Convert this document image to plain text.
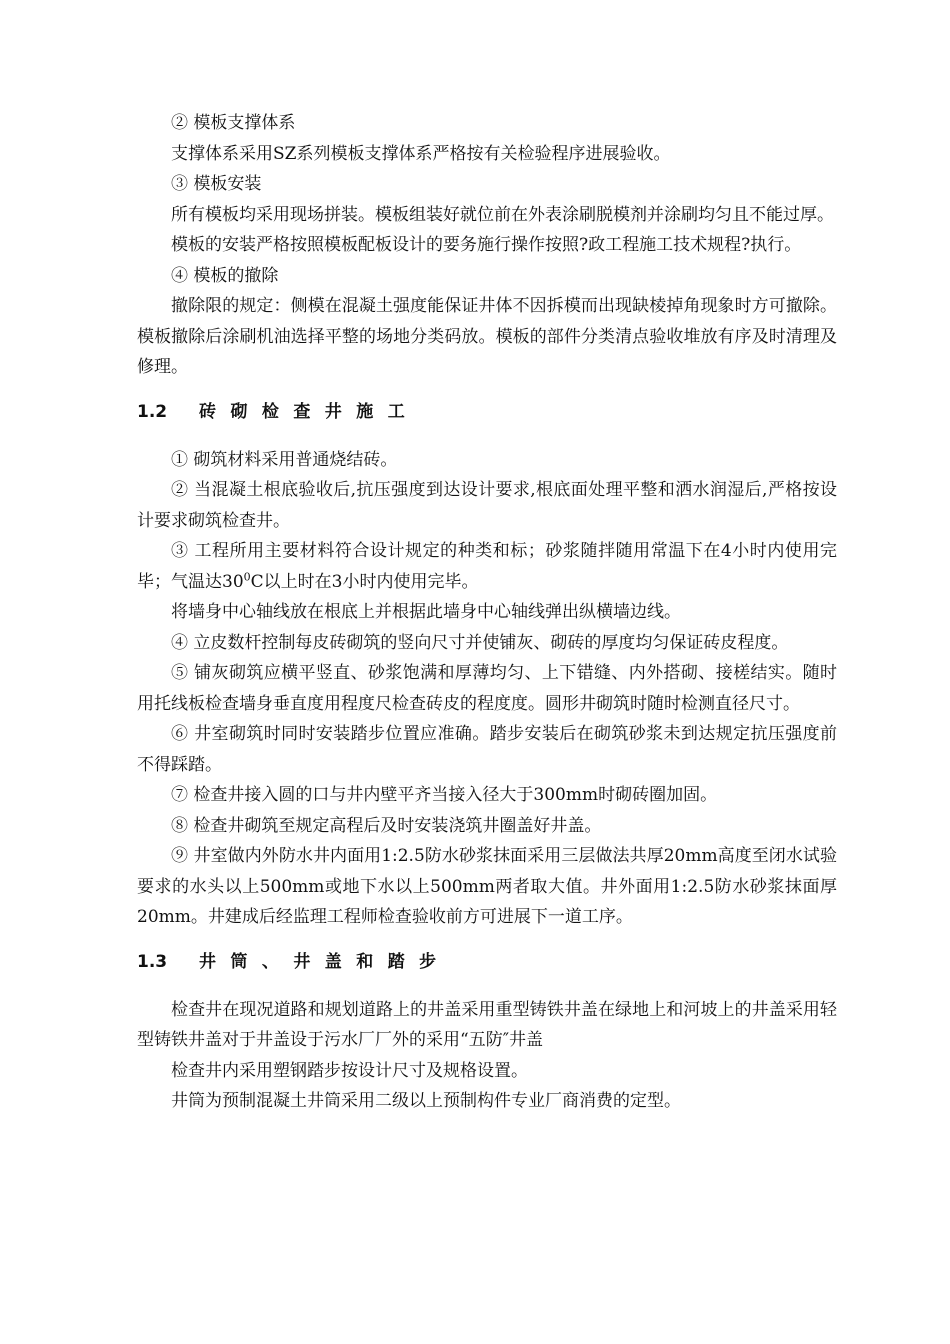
② 模板支撑体系

支撑体系采用SZ系列模板支撑体系严格按有关检验程序进展验收。

③ 模板安装

所有模板均采用现场拼装。模板组装好就位前在外表涂刷脱模剂并涂刷均匀且不能过厚。

模板的安装严格按照模板配板设计的要务施行操作按照?政工程施工技术规程?执行。

④ 模板的撤除

撤除限的规定：侧模在混凝土强度能保证井体不因拆模而出现缺棱掉角现象时方可撤除。模板撤除后涂刷机油选择平整的场地分类码放。模板的部件分类清点验收堆放有序及时清理及修理。

1.2	砖砌检查井施工

① 砌筑材料采用普通烧结砖。

② 当混凝土根底验收后,抗压强度到达设计要求,根底面处理平整和洒水润湿后,严格按设计要求砌筑检查井。

③ 工程所用主要材料符合设计规定的种类和标；砂浆随拌随用常温下在4小时内使用完毕；气温达$30^0C$以上时在3小时内使用完毕。

将墙身中心轴线放在根底上并根据此墙身中心轴线弹出纵横墙边线。

④ 立皮数杆控制每皮砖砌筑的竖向尺寸并使铺灰、砌砖的厚度均匀保证砖皮程度。

⑤ 铺灰砌筑应横平竖直、砂浆饱满和厚薄均匀、上下错缝、内外搭砌、接槎结实。随时用托线板检查墙身垂直度用程度尺检查砖皮的程度度。圆形井砌筑时随时检测直径尺寸。

⑥ 井室砌筑时同时安装踏步位置应准确。踏步安装后在砌筑砂浆未到达规定抗压强度前不得踩踏。

⑦ 检查井接入圆的口与井内壁平齐当接入径大于300mm时砌砖圈加固。

⑧ 检查井砌筑至规定高程后及时安装浇筑井圈盖好井盖。

⑨ 井室做内外防水井内面用1:2.5防水砂浆抹面采用三层做法共厚20mm高度至闭水试验要求的水头以上500mm或地下水以上500mm两者取大值。井外面用1:2.5防水砂浆抹面厚20mm。井建成后经监理工程师检查验收前方可进展下一道工序。

1.3	井筒、井盖和踏步

检查井在现况道路和规划道路上的井盖采用重型铸铁井盖在绿地上和河坡上的井盖采用轻型铸铁井盖对于井盖设于污水厂厂外的采用“五防″井盖

检查井内采用塑钢踏步按设计尺寸及规格设置。

井筒为预制混凝土井筒采用二级以上预制构件专业厂商消费的定型。
